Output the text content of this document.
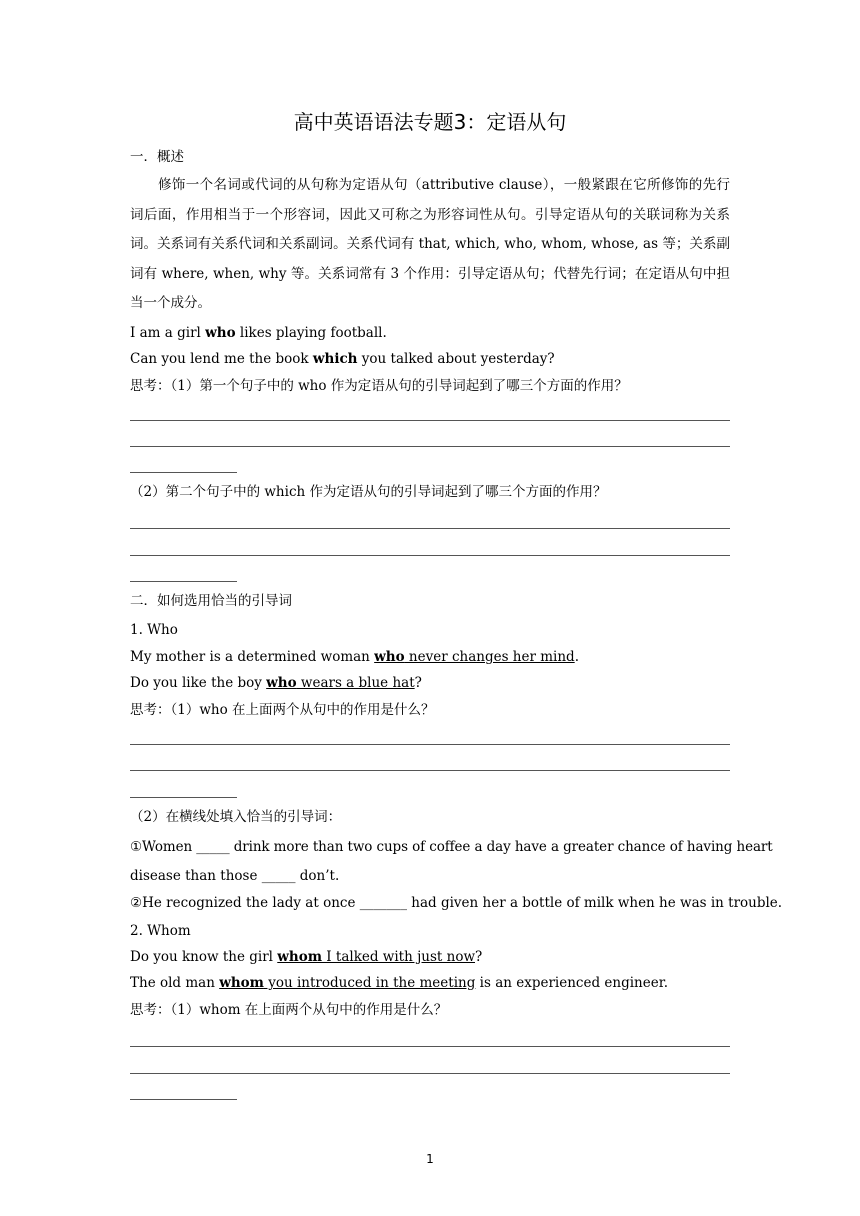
高中英语语法专题3：定语从句
一．概述
修饰一个名词或代词的从句称为定语从句（attributive clause），一般紧跟在它所修饰的先行词后面，作用相当于一个形容词，因此又可称之为形容词性从句。引导定语从句的关联词称为关系词。关系词有关系代词和关系副词。关系代词有 that, which, who, whom, whose, as 等；关系副词有 where, when, why 等。关系词常有 3 个作用：引导定语从句；代替先行词；在定语从句中担当一个成分。
I am a girl who likes playing football.
Can you lend me the book which you talked about yesterday?
思考：（1）第一个句子中的 who 作为定语从句的引导词起到了哪三个方面的作用？
（2）第二个句子中的 which 作为定语从句的引导词起到了哪三个方面的作用？
二．如何选用恰当的引导词
1. Who
My mother is a determined woman who never changes her mind.
Do you like the boy who wears a blue hat?
思考：（1）who 在上面两个从句中的作用是什么？
（2）在横线处填入恰当的引导词：
①Women _____ drink more than two cups of coffee a day have a greater chance of having heart
disease than those _____ don’t.
②He recognized the lady at once _______ had given her a bottle of milk when he was in trouble.
2. Whom
Do you know the girl whom I talked with just now?
The old man whom you introduced in the meeting is an experienced engineer.
思考：（1）whom 在上面两个从句中的作用是什么？
1
